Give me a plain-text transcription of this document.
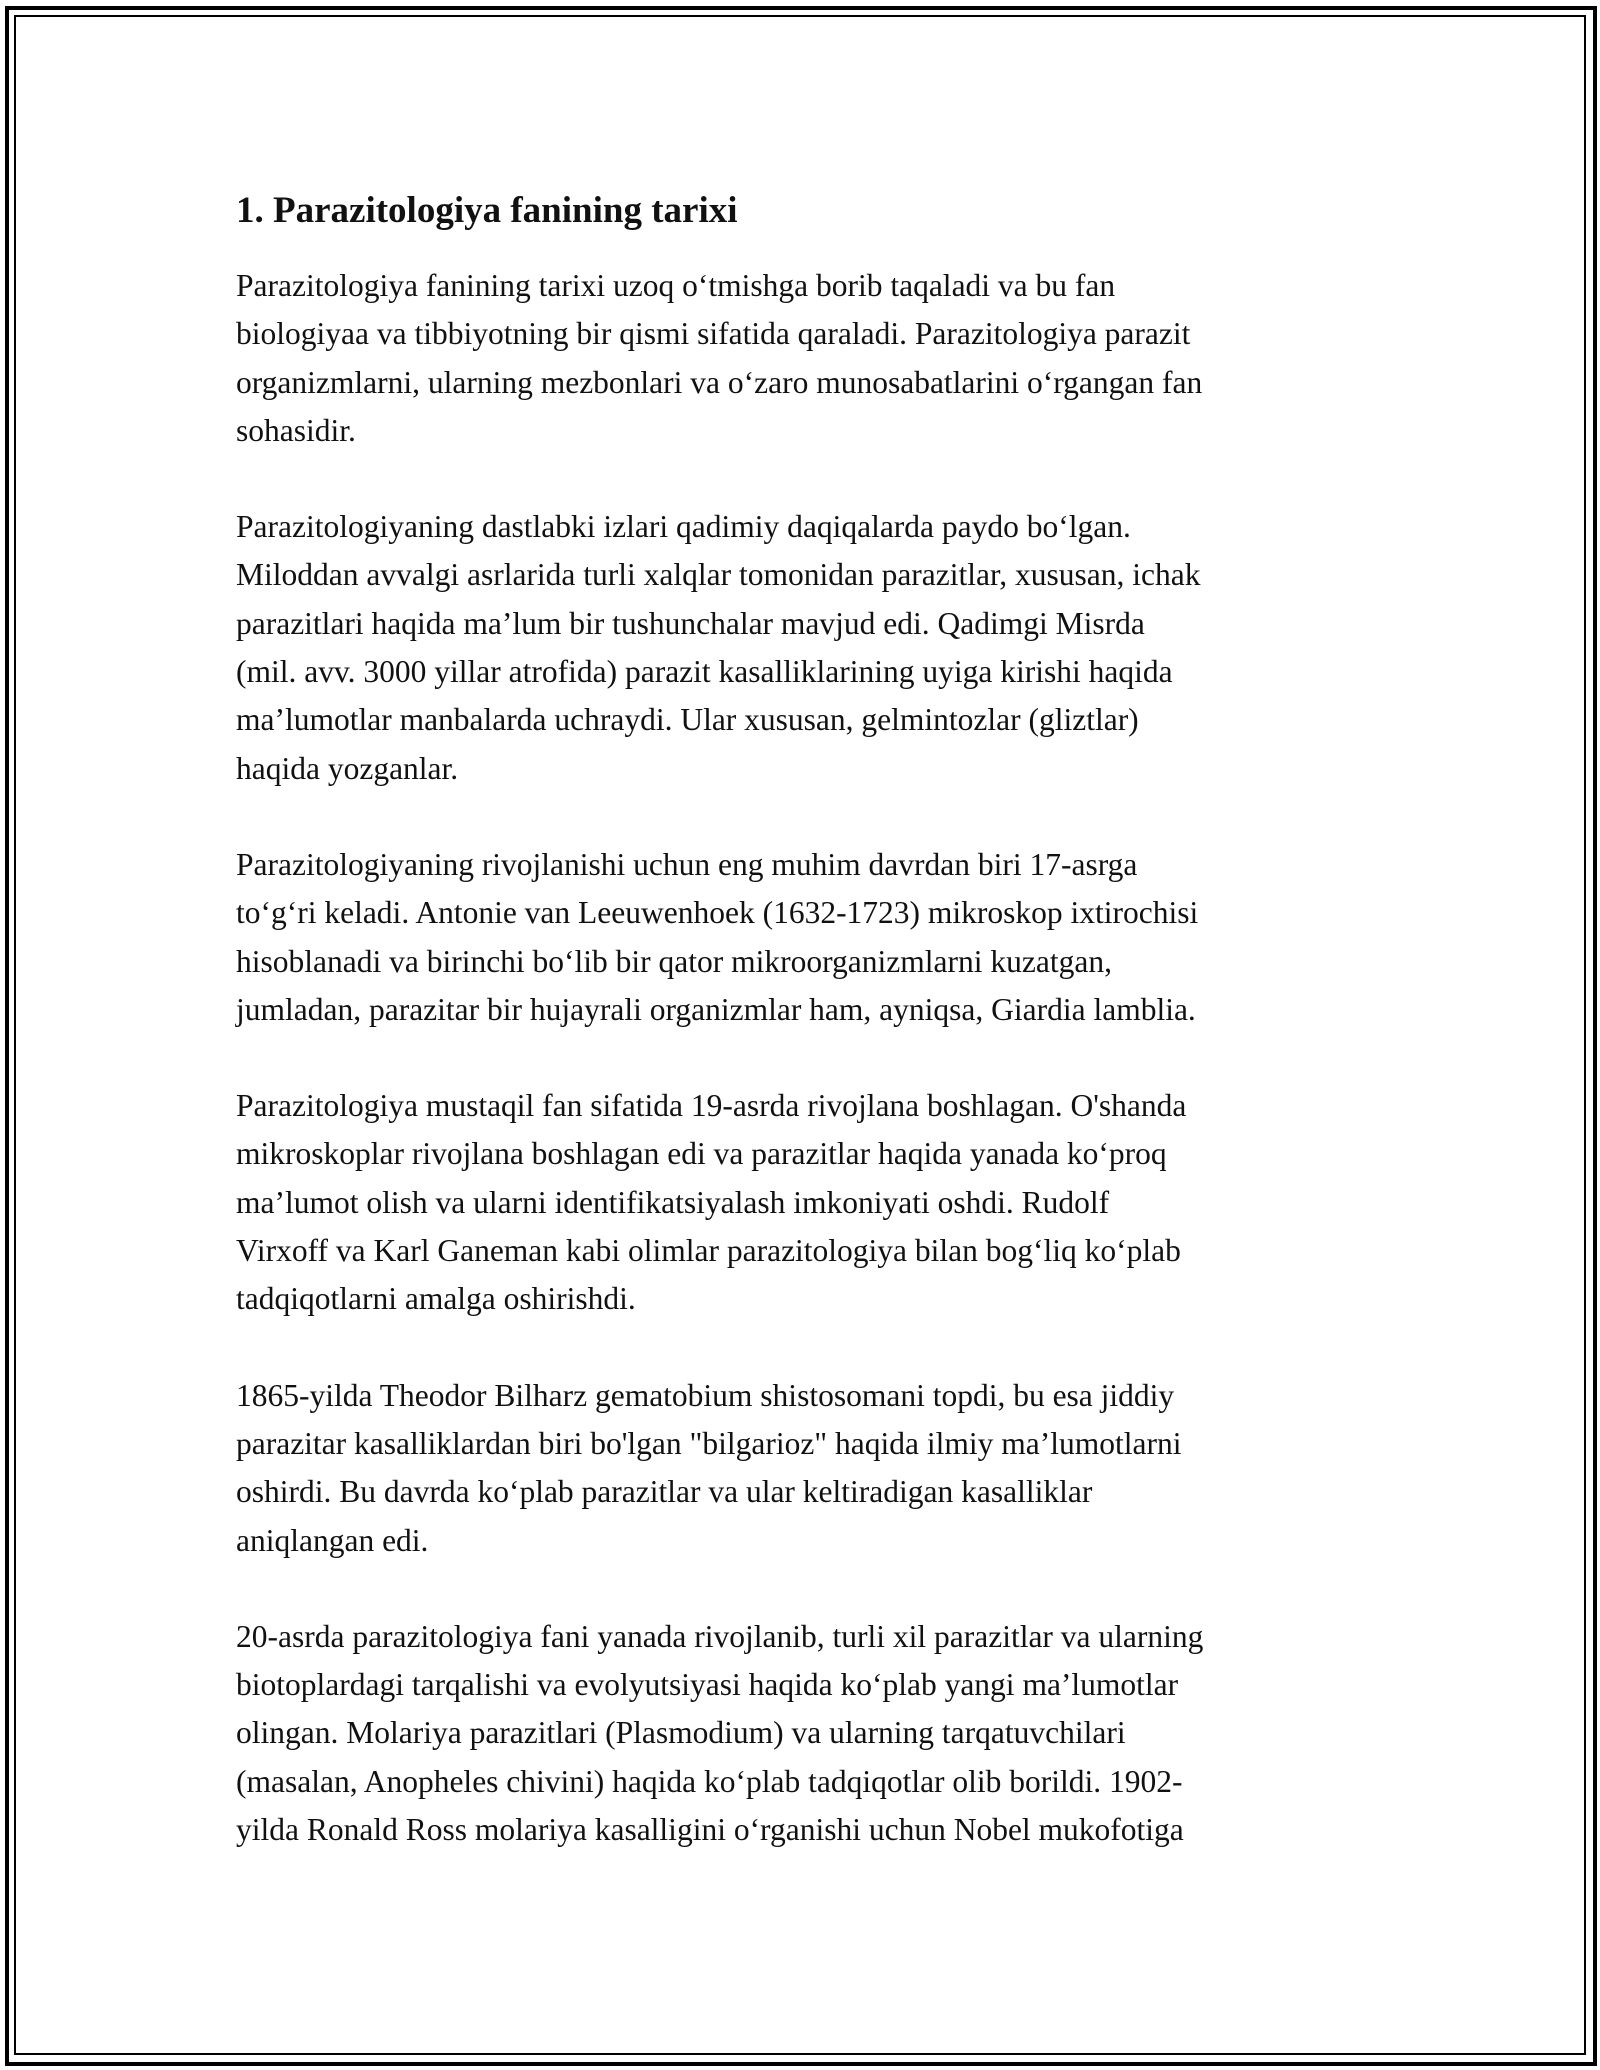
1. Parazitologiya fanining tarixi
Parazitologiya fanining tarixi uzoq o‘tmishga borib taqaladi va bu fan
biologiyaa va tibbiyotning bir qismi sifatida qaraladi. Parazitologiya parazit
organizmlarni, ularning mezbonlari va o‘zaro munosabatlarini o‘rgangan fan
sohasidir.
Parazitologiyaning dastlabki izlari qadimiy daqiqalarda paydo bo‘lgan.
Miloddan avvalgi asrlarida turli xalqlar tomonidan parazitlar, xususan, ichak
parazitlari haqida ma’lum bir tushunchalar mavjud edi. Qadimgi Misrda
(mil. avv. 3000 yillar atrofida) parazit kasalliklarining uyiga kirishi haqida
ma’lumotlar manbalarda uchraydi. Ular xususan, gelmintozlar (gliztlar)
haqida yozganlar.
Parazitologiyaning rivojlanishi uchun eng muhim davrdan biri 17-asrga
to‘g‘ri keladi. Antonie van Leeuwenhoek (1632-1723) mikroskop ixtirochisi
hisoblanadi va birinchi bo‘lib bir qator mikroorganizmlarni kuzatgan,
jumladan, parazitar bir hujayrali organizmlar ham, ayniqsa, Giardia lamblia.
Parazitologiya mustaqil fan sifatida 19-asrda rivojlana boshlagan. O'shanda
mikroskoplar rivojlana boshlagan edi va parazitlar haqida yanada ko‘proq
ma’lumot olish va ularni identifikatsiyalash imkoniyati oshdi. Rudolf
Virxoff va Karl Ganeman kabi olimlar parazitologiya bilan bog‘liq ko‘plab
tadqiqotlarni amalga oshirishdi.
1865-yilda Theodor Bilharz gematobium shistosomani topdi, bu esa jiddiy
parazitar kasalliklardan biri bo'lgan "bilgarioz" haqida ilmiy ma’lumotlarni
oshirdi. Bu davrda ko‘plab parazitlar va ular keltiradigan kasalliklar
aniqlangan edi.
20-asrda parazitologiya fani yanada rivojlanib, turli xil parazitlar va ularning
biotoplardagi tarqalishi va evolyutsiyasi haqida ko‘plab yangi ma’lumotlar
olingan. Molariya parazitlari (Plasmodium) va ularning tarqatuvchilari
(masalan, Anopheles chivini) haqida ko‘plab tadqiqotlar olib borildi. 1902-
yilda Ronald Ross molariya kasalligini o‘rganishi uchun Nobel mukofotiga
